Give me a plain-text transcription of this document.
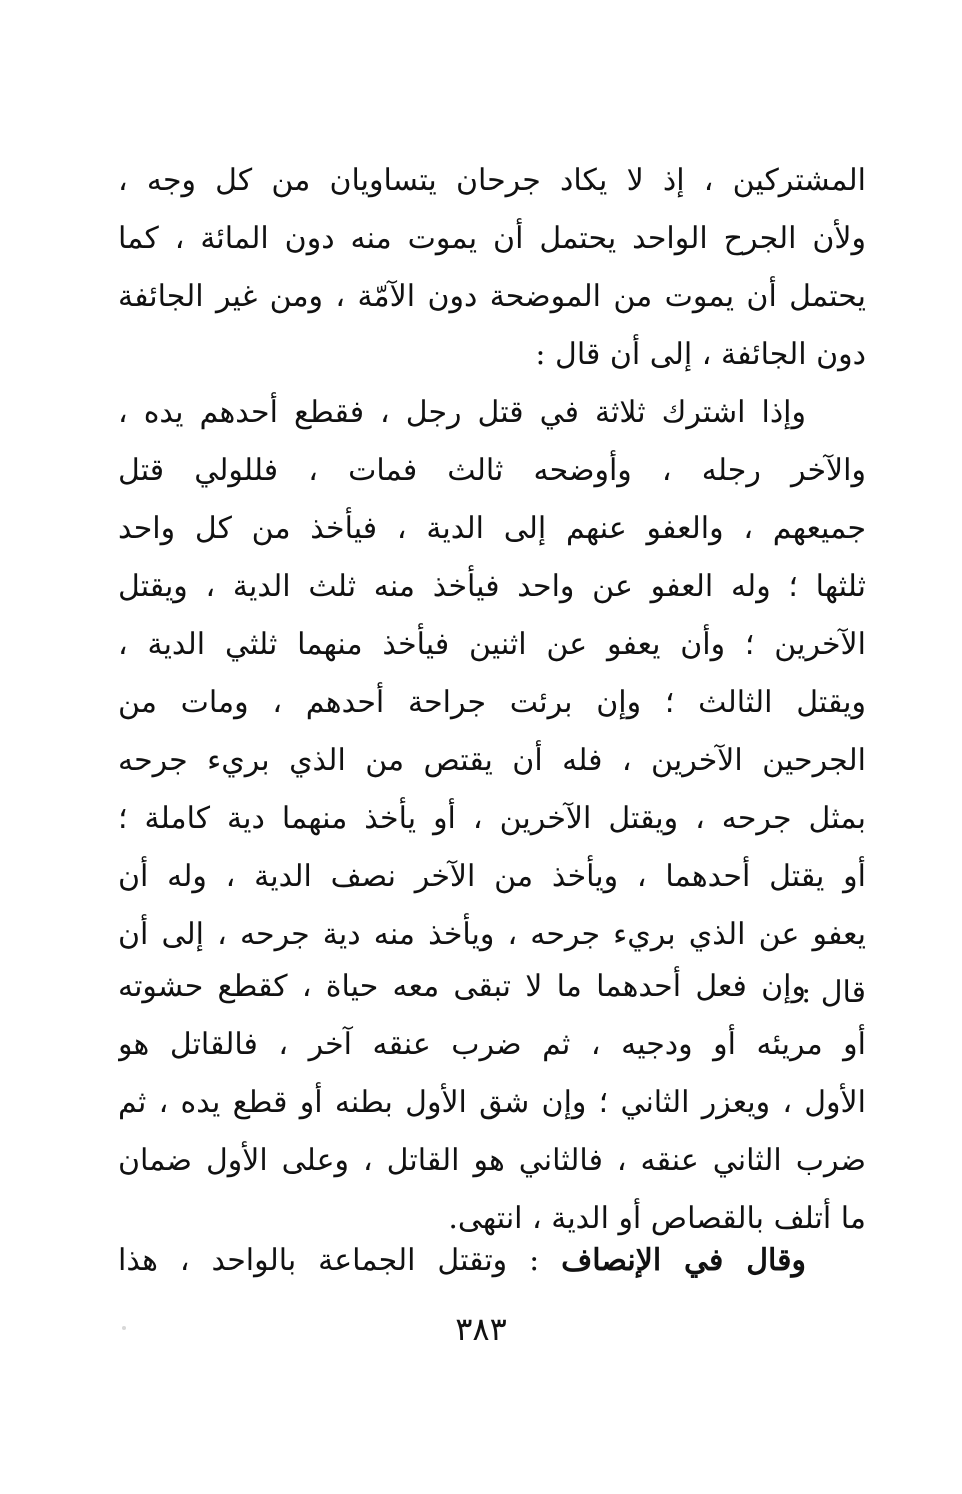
المشتركين ، إذ لا يكاد جرحان يتساويان من كل وجه ،
ولأن الجرح الواحد يحتمل أن يموت منه دون المائة ، كما
يحتمل أن يموت من الموضحة دون الآمّة ، ومن غير الجائفة
دون الجائفة ، إلى أن قال :
وإذا اشترك ثلاثة في قتل رجل ، فقطع أحدهم يده ،
والآخر رجله ، وأوضحه ثالث فمات ، فللولي قتل
جميعهم ، والعفو عنهم إلى الدية ، فيأخذ من كل واحد
ثلثها ؛ وله العفو عن واحد فيأخذ منه ثلث الدية ، ويقتل
الآخرين ؛ وأن يعفو عن اثنين فيأخذ منهما ثلثي الدية ،
ويقتل الثالث ؛ وإن برئت جراحة أحدهم ، ومات من
الجرحين الآخرين ، فله أن يقتص من الذي بريء جرحه
بمثل جرحه ، ويقتل الآخرين ، أو يأخذ منهما دية كاملة ؛
أو يقتل أحدهما ، ويأخذ من الآخر نصف الدية ، وله أن
يعفو عن الذي بريء جرحه ، ويأخذ منه دية جرحه ، إلى أن
قال :
وإن فعل أحدهما ما لا تبقى معه حياة ، كقطع حشوته
أو مريئه أو ودجيه ، ثم ضرب عنقه آخر ، فالقاتل هو
الأول ، ويعزر الثاني ؛ وإن شق الأول بطنه أو قطع يده ، ثم
ضرب الثاني عنقه ، فالثاني هو القاتل ، وعلى الأول ضمان
ما أتلف بالقصاص أو الدية ، انتهى.
وقال في الإنصاف : وتقتل الجماعة بالواحد ، هذا
٣٨٣
